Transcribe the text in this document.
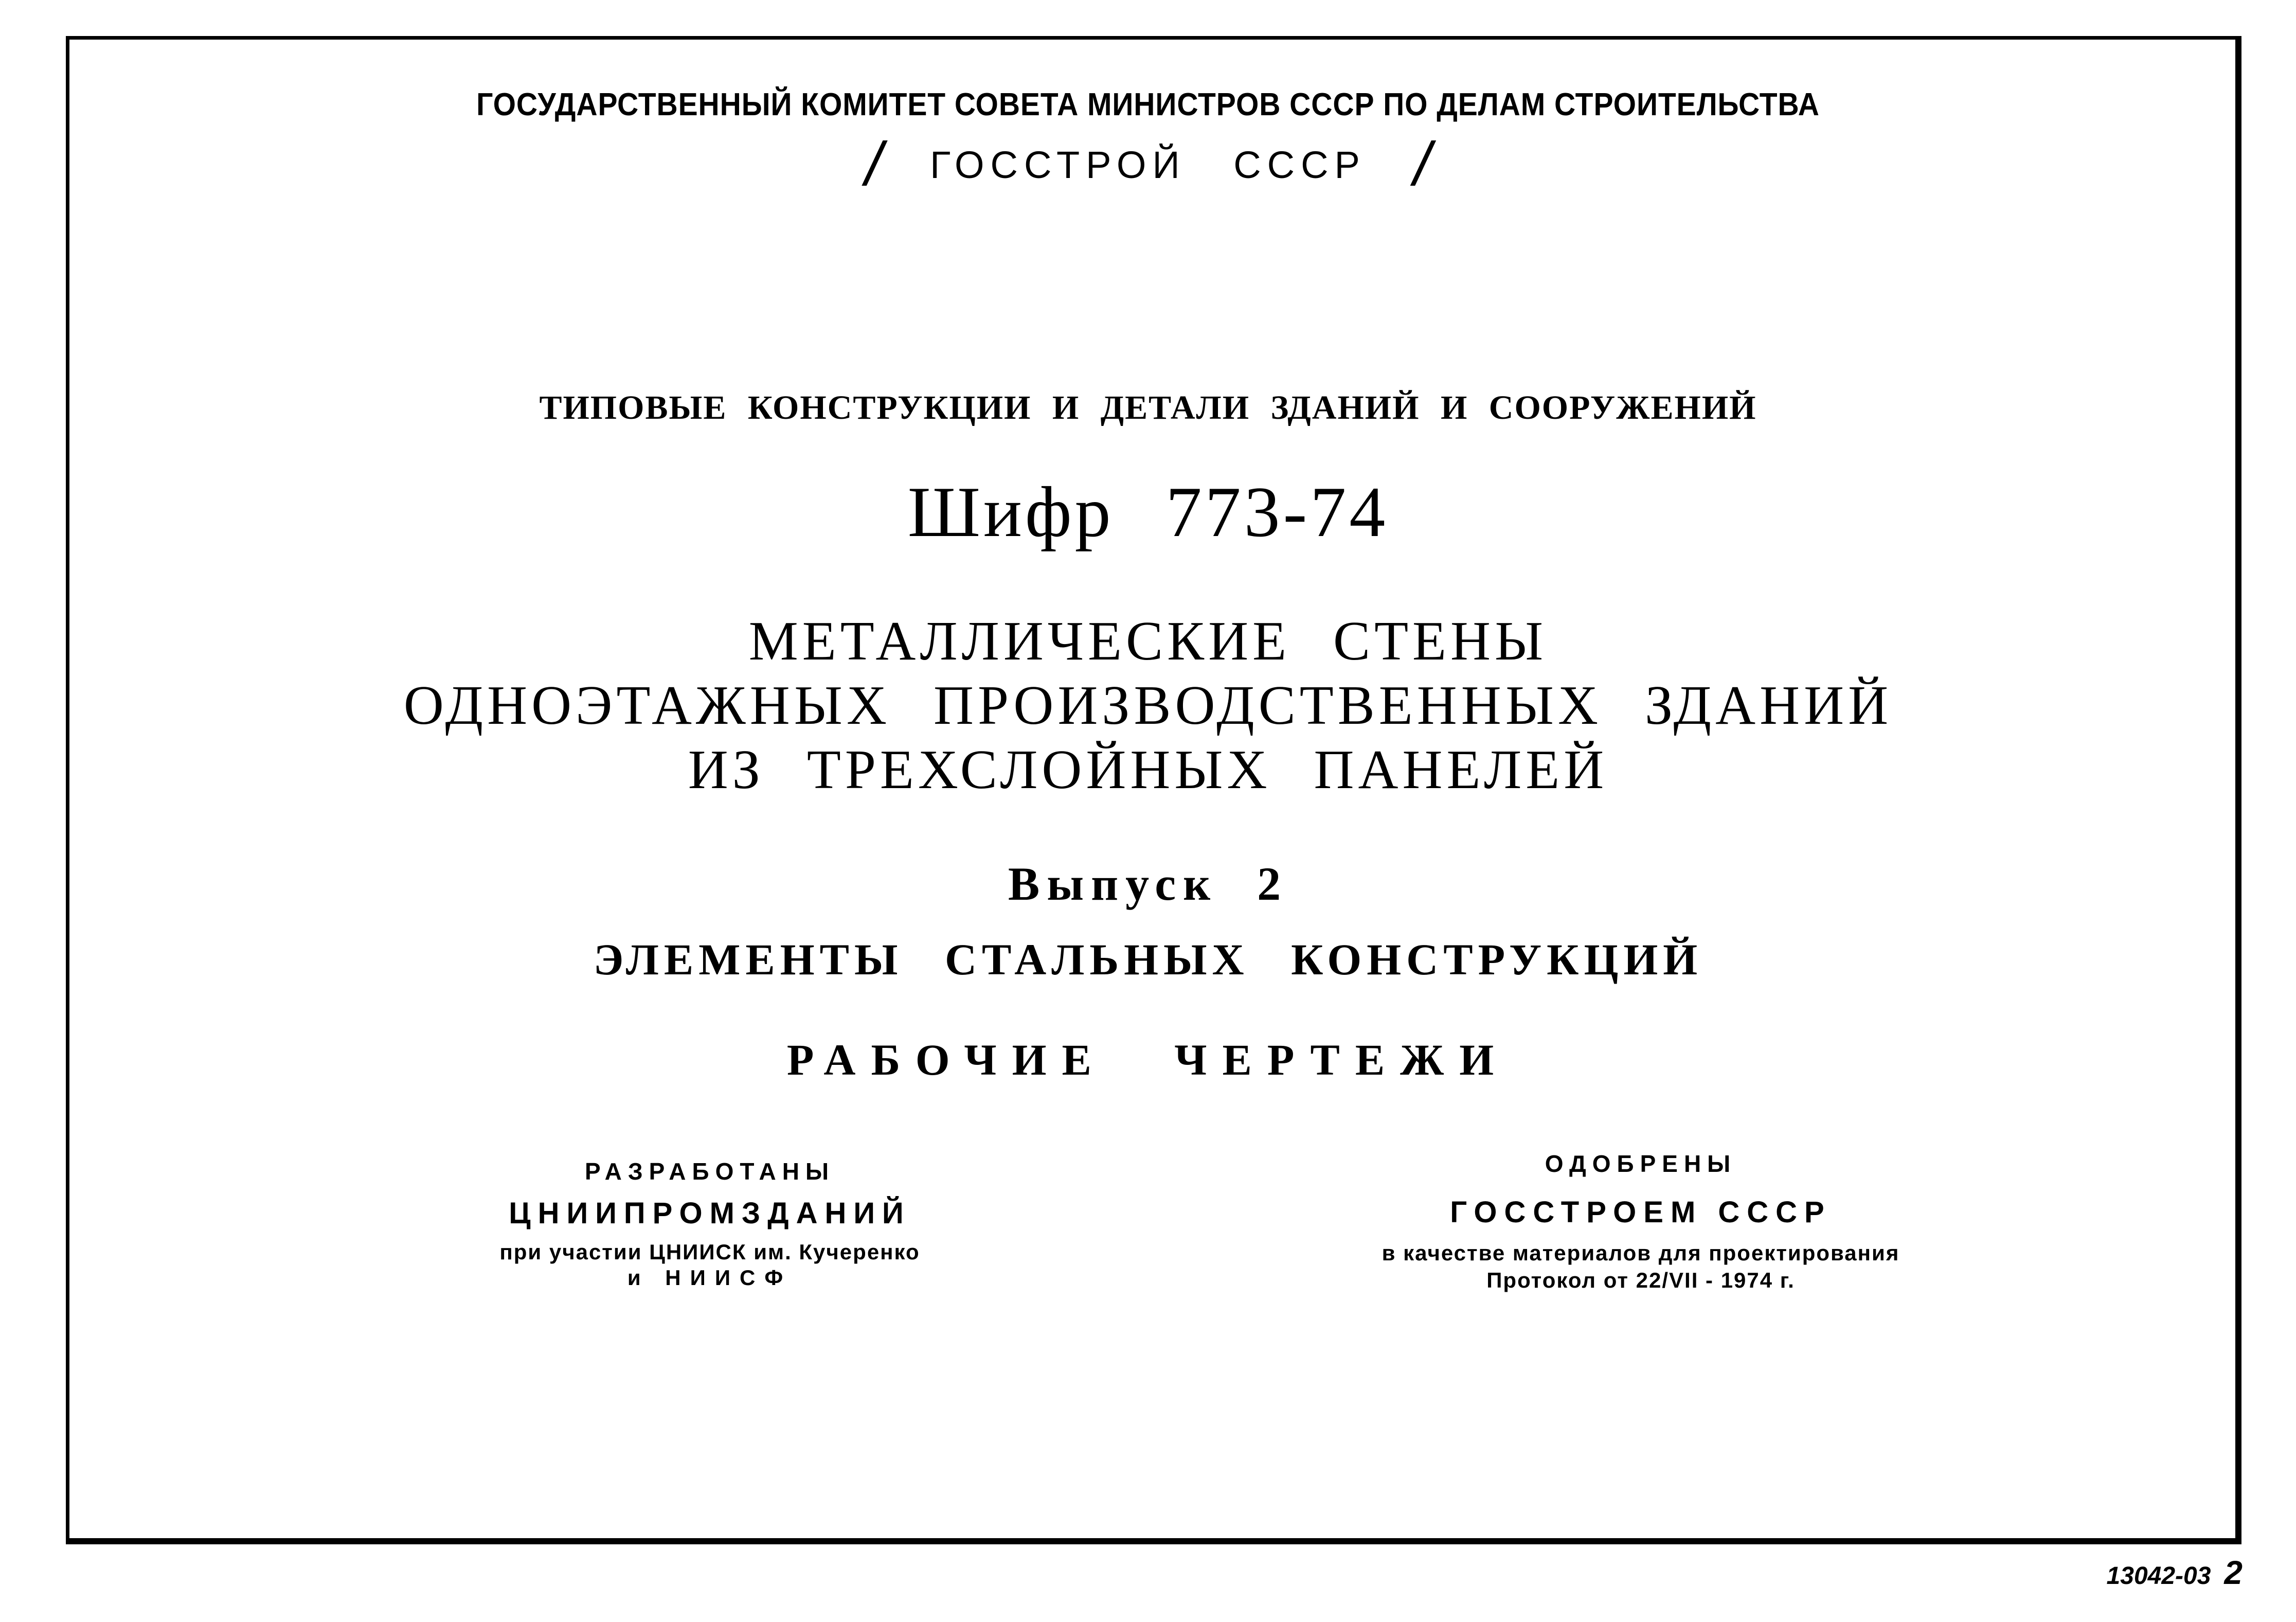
ГОСУДАРСТВЕННЫЙ КОМИТЕТ СОВЕТА МИНИСТРОВ СССР ПО ДЕЛАМ СТРОИТЕЛЬСТВА

/ ГОССТРОЙ СССР /

ТИПОВЫЕ КОНСТРУКЦИИ И ДЕТАЛИ ЗДАНИЙ И СООРУЖЕНИЙ

Шифр 773-74

МЕТАЛЛИЧЕСКИЕ СТЕНЫ

ОДНОЭТАЖНЫХ ПРОИЗВОДСТВЕННЫХ ЗДАНИЙ

ИЗ ТРЕХСЛОЙНЫХ ПАНЕЛЕЙ

Выпуск 2

ЭЛЕМЕНТЫ СТАЛЬНЫХ КОНСТРУКЦИЙ

РАБОЧИЕ ЧЕРТЕЖИ

РАЗРАБОТАНЫ

ЦНИИПРОМЗДАНИЙ

при участии ЦНИИСК им. Кучеренко

и НИИСФ

ОДОБРЕНЫ

ГОССТРОЕМ СССР

в качестве материалов для проектирования

Протокол от 22/VII - 1974 г.

13042-03 2
